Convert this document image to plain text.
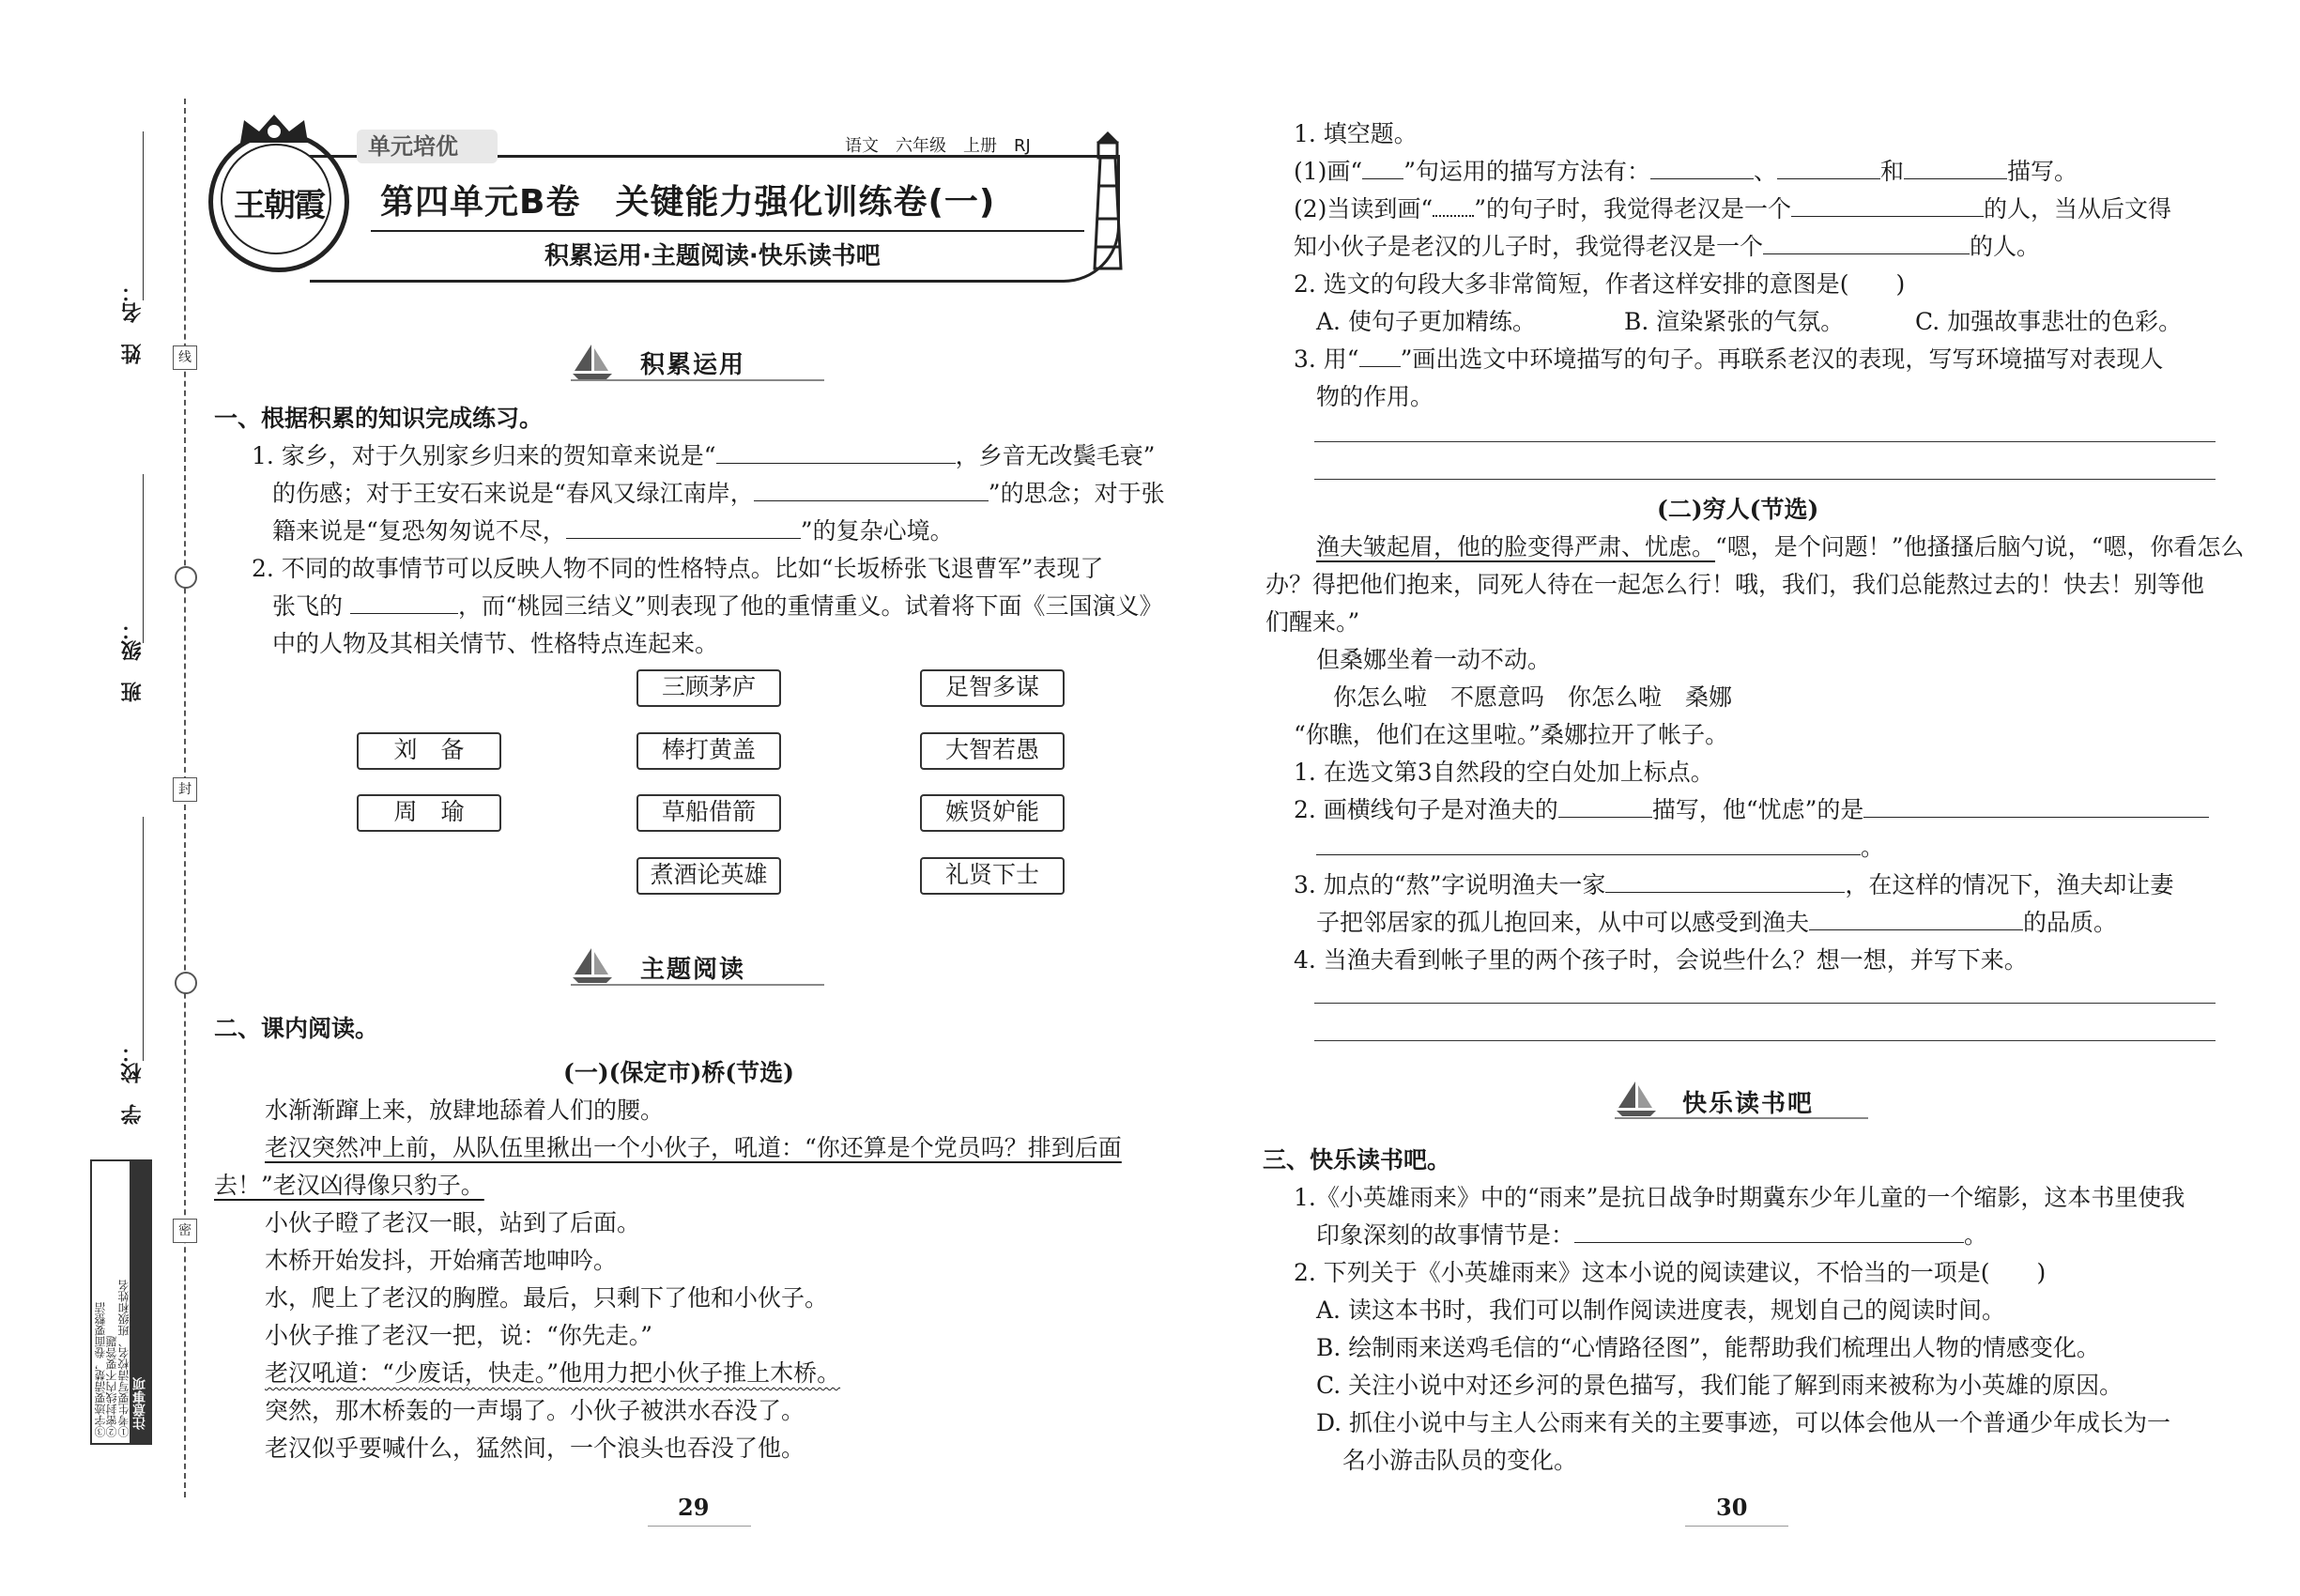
线
封
密
姓　名：
班　级：
学　校：
注意事项
①考生要写清校名、班级和姓名
②密封线内不要答题
③字迹要清楚，卷面要整洁
王朝霞
单元培优	语文　六年级　上册　RJ
第四单元B卷　关键能力强化训练卷(一)
积累运用·主题阅读·快乐读书吧
积累运用
一、根据积累的知识完成练习。
1. 家乡，对于久别家乡归来的贺知章来说是“	，乡音无改鬓毛衰”
的伤感；对于王安石来说是“春风又绿江南岸，	”的思念；对于张
籍来说是“复恐匆匆说不尽，	”的复杂心境。
2. 不同的故事情节可以反映人物不同的性格特点。比如“长坂桥张飞退曹军”表现了
张飞的	，而“桃园三结义”则表现了他的重情重义。试着将下面《三国演义》
中的人物及其相关情节、性格特点连起来。
刘　备
周　瑜
三顾茅庐
棒打黄盖
草船借箭
煮酒论英雄
足智多谋
大智若愚
嫉贤妒能
礼贤下士
主题阅读
二、课内阅读。
(一)(保定市)桥(节选)
水渐渐蹿上来，放肆地舔着人们的腰。
老汉突然冲上前，从队伍里揪出一个小伙子，吼道：“你还算是个党员吗？排到后面
去！”老汉凶得像只豹子。
小伙子瞪了老汉一眼，站到了后面。
木桥开始发抖，开始痛苦地呻吟。
水，爬上了老汉的胸膛。最后，只剩下了他和小伙子。
小伙子推了老汉一把，说：“你先走。”
老汉吼道：“少废话，快走。”他用力把小伙子推上木桥。
突然，那木桥轰的一声塌了。小伙子被洪水吞没了。
老汉似乎要喊什么，猛然间，一个浪头也吞没了他。
29
1. 填空题。
(1)画“ ”句运用的描写方法有：	、	和	描写。
(2)当读到画“ ”的句子时，我觉得老汉是一个	的人，当从后文得
知小伙子是老汉的儿子时，我觉得老汉是一个	的人。
2. 选文的句段大多非常简短，作者这样安排的意图是(　　)
A. 使句子更加精练。	B. 渲染紧张的气氛。	C. 加强故事悲壮的色彩。
3. 用“ ”画出选文中环境描写的句子。再联系老汉的表现，写写环境描写对表现人
物的作用。
(二)穷人(节选)
渔夫皱起眉，他的脸变得严肃、忧虑。“嗯，是个问题！”他搔搔后脑勺说，“嗯，你看怎么
办？得把他们抱来，同死人待在一起怎么行！哦，我们，我们总能熬过去的！快去！别等他
们醒来。”
但桑娜坐着一动不动。
你怎么啦　不愿意吗　你怎么啦　桑娜
“你瞧，他们在这里啦。”桑娜拉开了帐子。
1. 在选文第3自然段的空白处加上标点。
2. 画横线句子是对渔夫的	描写，他“忧虑”的是
。
3. 加点的“熬”字说明渔夫一家	，在这样的情况下，渔夫却让妻
子把邻居家的孤儿抱回来，从中可以感受到渔夫	的品质。
4. 当渔夫看到帐子里的两个孩子时，会说些什么？想一想，并写下来。
快乐读书吧
三、快乐读书吧。
1.《小英雄雨来》中的“雨来”是抗日战争时期冀东少年儿童的一个缩影，这本书里使我
印象深刻的故事情节是：	。
2. 下列关于《小英雄雨来》这本小说的阅读建议，不恰当的一项是(　　)
A. 读这本书时，我们可以制作阅读进度表，规划自己的阅读时间。
B. 绘制雨来送鸡毛信的“心情路径图”，能帮助我们梳理出人物的情感变化。
C. 关注小说中对还乡河的景色描写，我们能了解到雨来被称为小英雄的原因。
D. 抓住小说中与主人公雨来有关的主要事迹，可以体会他从一个普通少年成长为一
名小游击队员的变化。
30
